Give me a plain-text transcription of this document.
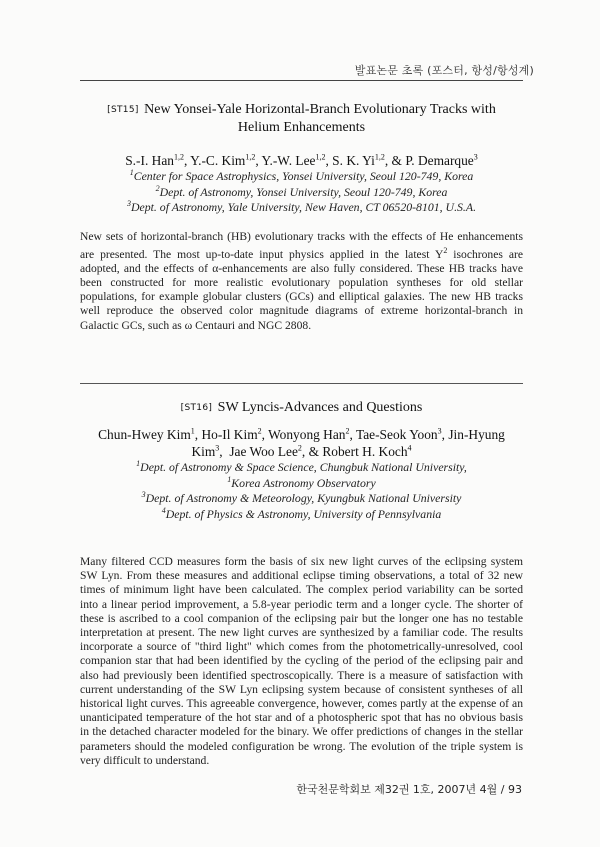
발표논문 초록 (포스터, 항성/항성계)
[ST15] New Yonsei-Yale Horizontal-Branch Evolutionary Tracks with
Helium Enhancements
S.-I. Han$^{1,2}$, Y.-C. Kim$^{1,2}$, Y.-W. Lee$^{1,2}$, S. K. Yi$^{1,2}$, & P. Demarque$^3$
$^1$Center for Space Astrophysics, Yonsei University, Seoul 120-749, Korea
$^2$Dept. of Astronomy, Yonsei University, Seoul 120-749, Korea
$^3$Dept. of Astronomy, Yale University, New Haven, CT 06520-8101, U.S.A.
New sets of horizontal-branch (HB) evolutionary tracks with the effects of He enhancements are presented. The most up-to-date input physics applied in the latest $Y^2$ isochrones are adopted, and the effects of α-enhancements are also fully considered. These HB tracks have been constructed for more realistic evolutionary population syntheses for old stellar populations, for example globular clusters (GCs) and elliptical galaxies. The new HB tracks well reproduce the observed color magnitude diagrams of extreme horizontal-branch in Galactic GCs, such as ω Centauri and NGC 2808.
[ST16] SW Lyncis-Advances and Questions
Chun-Hwey Kim$^1$, Ho-Il Kim$^2$, Wonyong Han$^2$, Tae-Seok Yoon$^3$, Jin-Hyung
Kim$^3$,  Jae Woo Lee$^2$, & Robert H. Koch$^4$
$^1$Dept. of Astronomy & Space Science, Chungbuk National University,
$^1$Korea Astronomy Observatory
$^3$Dept. of Astronomy & Meteorology, Kyungbuk National University
$^4$Dept. of Physics & Astronomy, University of Pennsylvania
Many filtered CCD measures form the basis of six new light curves of the eclipsing system SW Lyn. From these measures and additional eclipse timing observations, a total of 32 new times of minimum light have been calculated. The complex period variability can be sorted into a linear period improvement, a 5.8-year periodic term and a longer cycle. The shorter of these is ascribed to a cool companion of the eclipsing pair but the longer one has no testable interpretation at present. The new light curves are synthesized by a familiar code. The results incorporate a source of "third light" which comes from the photometrically-unresolved, cool companion star that had been identified by the cycling of the period of the eclipsing pair and also had previously been identified spectroscopically. There is a measure of satisfaction with current understanding of the SW Lyn eclipsing system because of consistent syntheses of all historical light curves. This agreeable convergence, however, comes partly at the expense of an unanticipated temperature of the hot star and of a photospheric spot that has no obvious basis in the detached character modeled for the binary. We offer predictions of changes in the stellar parameters should the modeled configuration be wrong. The evolution of the triple system is very difficult to understand.
한국천문학회보 제32권 1호, 2007년 4월 / 93
